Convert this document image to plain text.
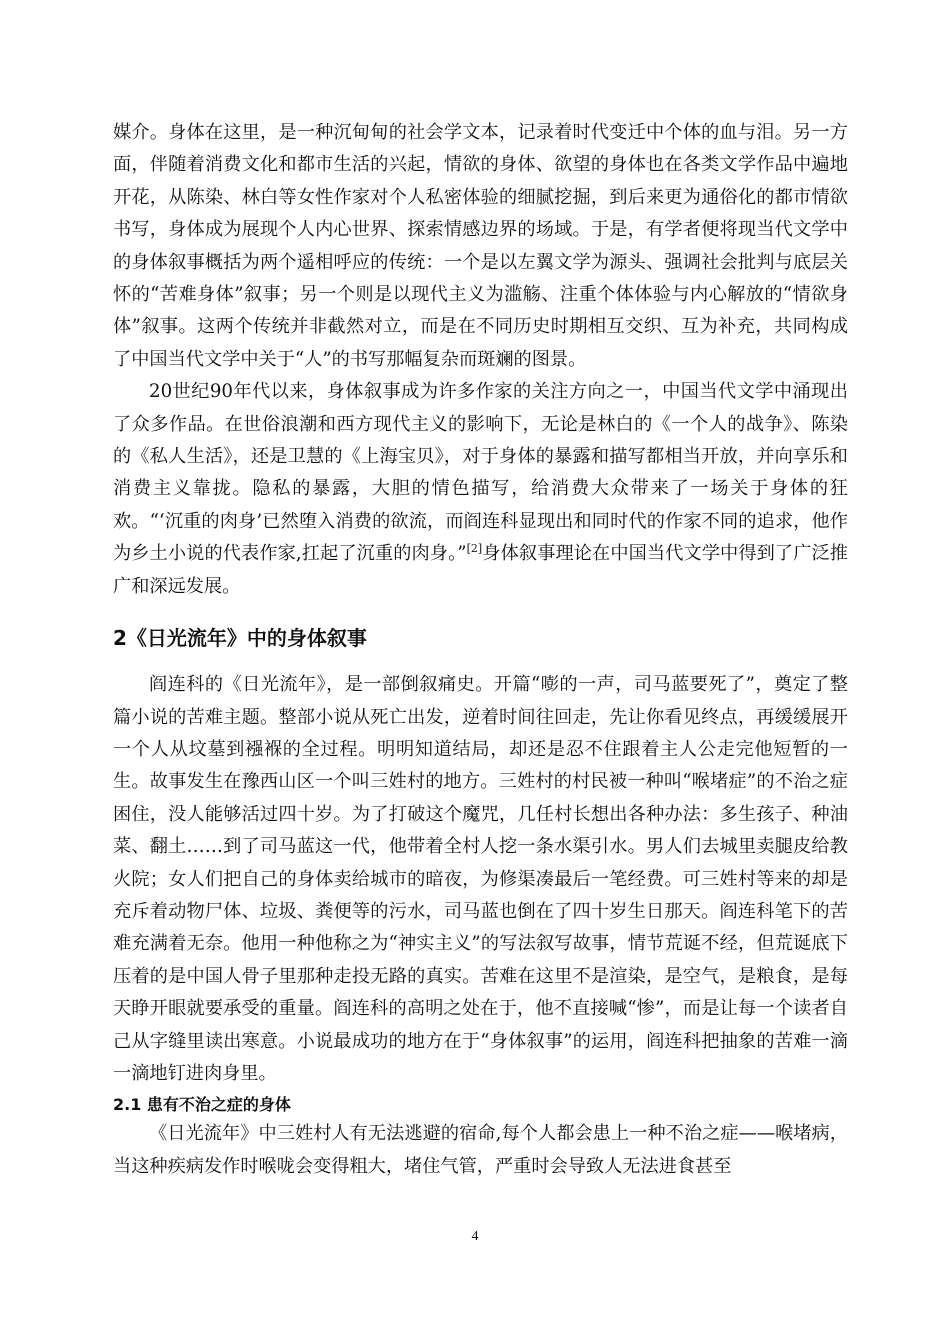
媒介。身体在这里，是一种沉甸甸的社会学文本，记录着时代变迁中个体的血与泪。另一方面，伴随着消费文化和都市生活的兴起，情欲的身体、欲望的身体也在各类文学作品中遍地开花，从陈染、林白等女性作家对个人私密体验的细腻挖掘，到后来更为通俗化的都市情欲书写，身体成为展现个人内心世界、探索情感边界的场域。于是，有学者便将现当代文学中的身体叙事概括为两个遥相呼应的传统：一个是以左翼文学为源头、强调社会批判与底层关怀的“苦难身体”叙事；另一个则是以现代主义为滥觞、注重个体体验与内心解放的“情欲身体”叙事。这两个传统并非截然对立，而是在不同历史时期相互交织、互为补充，共同构成了中国当代文学中关于“人”的书写那幅复杂而斑斓的图景。

20世纪90年代以来，身体叙事成为许多作家的关注方向之一，中国当代文学中涌现出了众多作品。在世俗浪潮和西方现代主义的影响下，无论是林白的《一个人的战争》、陈染的《私人生活》，还是卫慧的《上海宝贝》，对于身体的暴露和描写都相当开放，并向享乐和消费主义靠拢。隐私的暴露，大胆的情色描写，给消费大众带来了一场关于身体的狂欢。“‘沉重的肉身’已然堕入消费的欲流，而阎连科显现出和同时代的作家不同的追求，他作为乡土小说的代表作家,扛起了沉重的肉身。”[2]身体叙事理论在中国当代文学中得到了广泛推广和深远发展。

2《日光流年》中的身体叙事

阎连科的《日光流年》，是一部倒叙痛史。开篇“嘭的一声，司马蓝要死了”，奠定了整篇小说的苦难主题。整部小说从死亡出发，逆着时间往回走，先让你看见终点，再缓缓展开一个人从坟墓到襁褓的全过程。明明知道结局，却还是忍不住跟着主人公走完他短暂的一生。故事发生在豫西山区一个叫三姓村的地方。三姓村的村民被一种叫“喉堵症”的不治之症困住，没人能够活过四十岁。为了打破这个魔咒，几任村长想出各种办法：多生孩子、种油菜、翻土……到了司马蓝这一代，他带着全村人挖一条水渠引水。男人们去城里卖腿皮给教火院；女人们把自己的身体卖给城市的暗夜，为修渠凑最后一笔经费。可三姓村等来的却是充斥着动物尸体、垃圾、粪便等的污水，司马蓝也倒在了四十岁生日那天。阎连科笔下的苦难充满着无奈。他用一种他称之为“神实主义”的写法叙写故事，情节荒诞不经，但荒诞底下压着的是中国人骨子里那种走投无路的真实。苦难在这里不是渲染，是空气，是粮食，是每天睁开眼就要承受的重量。阎连科的高明之处在于，他不直接喊“惨”，而是让每一个读者自己从字缝里读出寒意。小说最成功的地方在于“身体叙事”的运用，阎连科把抽象的苦难一滴一滴地钉进肉身里。

2.1 患有不治之症的身体

《日光流年》中三姓村人有无法逃避的宿命,每个人都会患上一种不治之症——喉堵病，当这种疾病发作时喉咙会变得粗大，堵住气管，严重时会导致人无法进食甚至

4
